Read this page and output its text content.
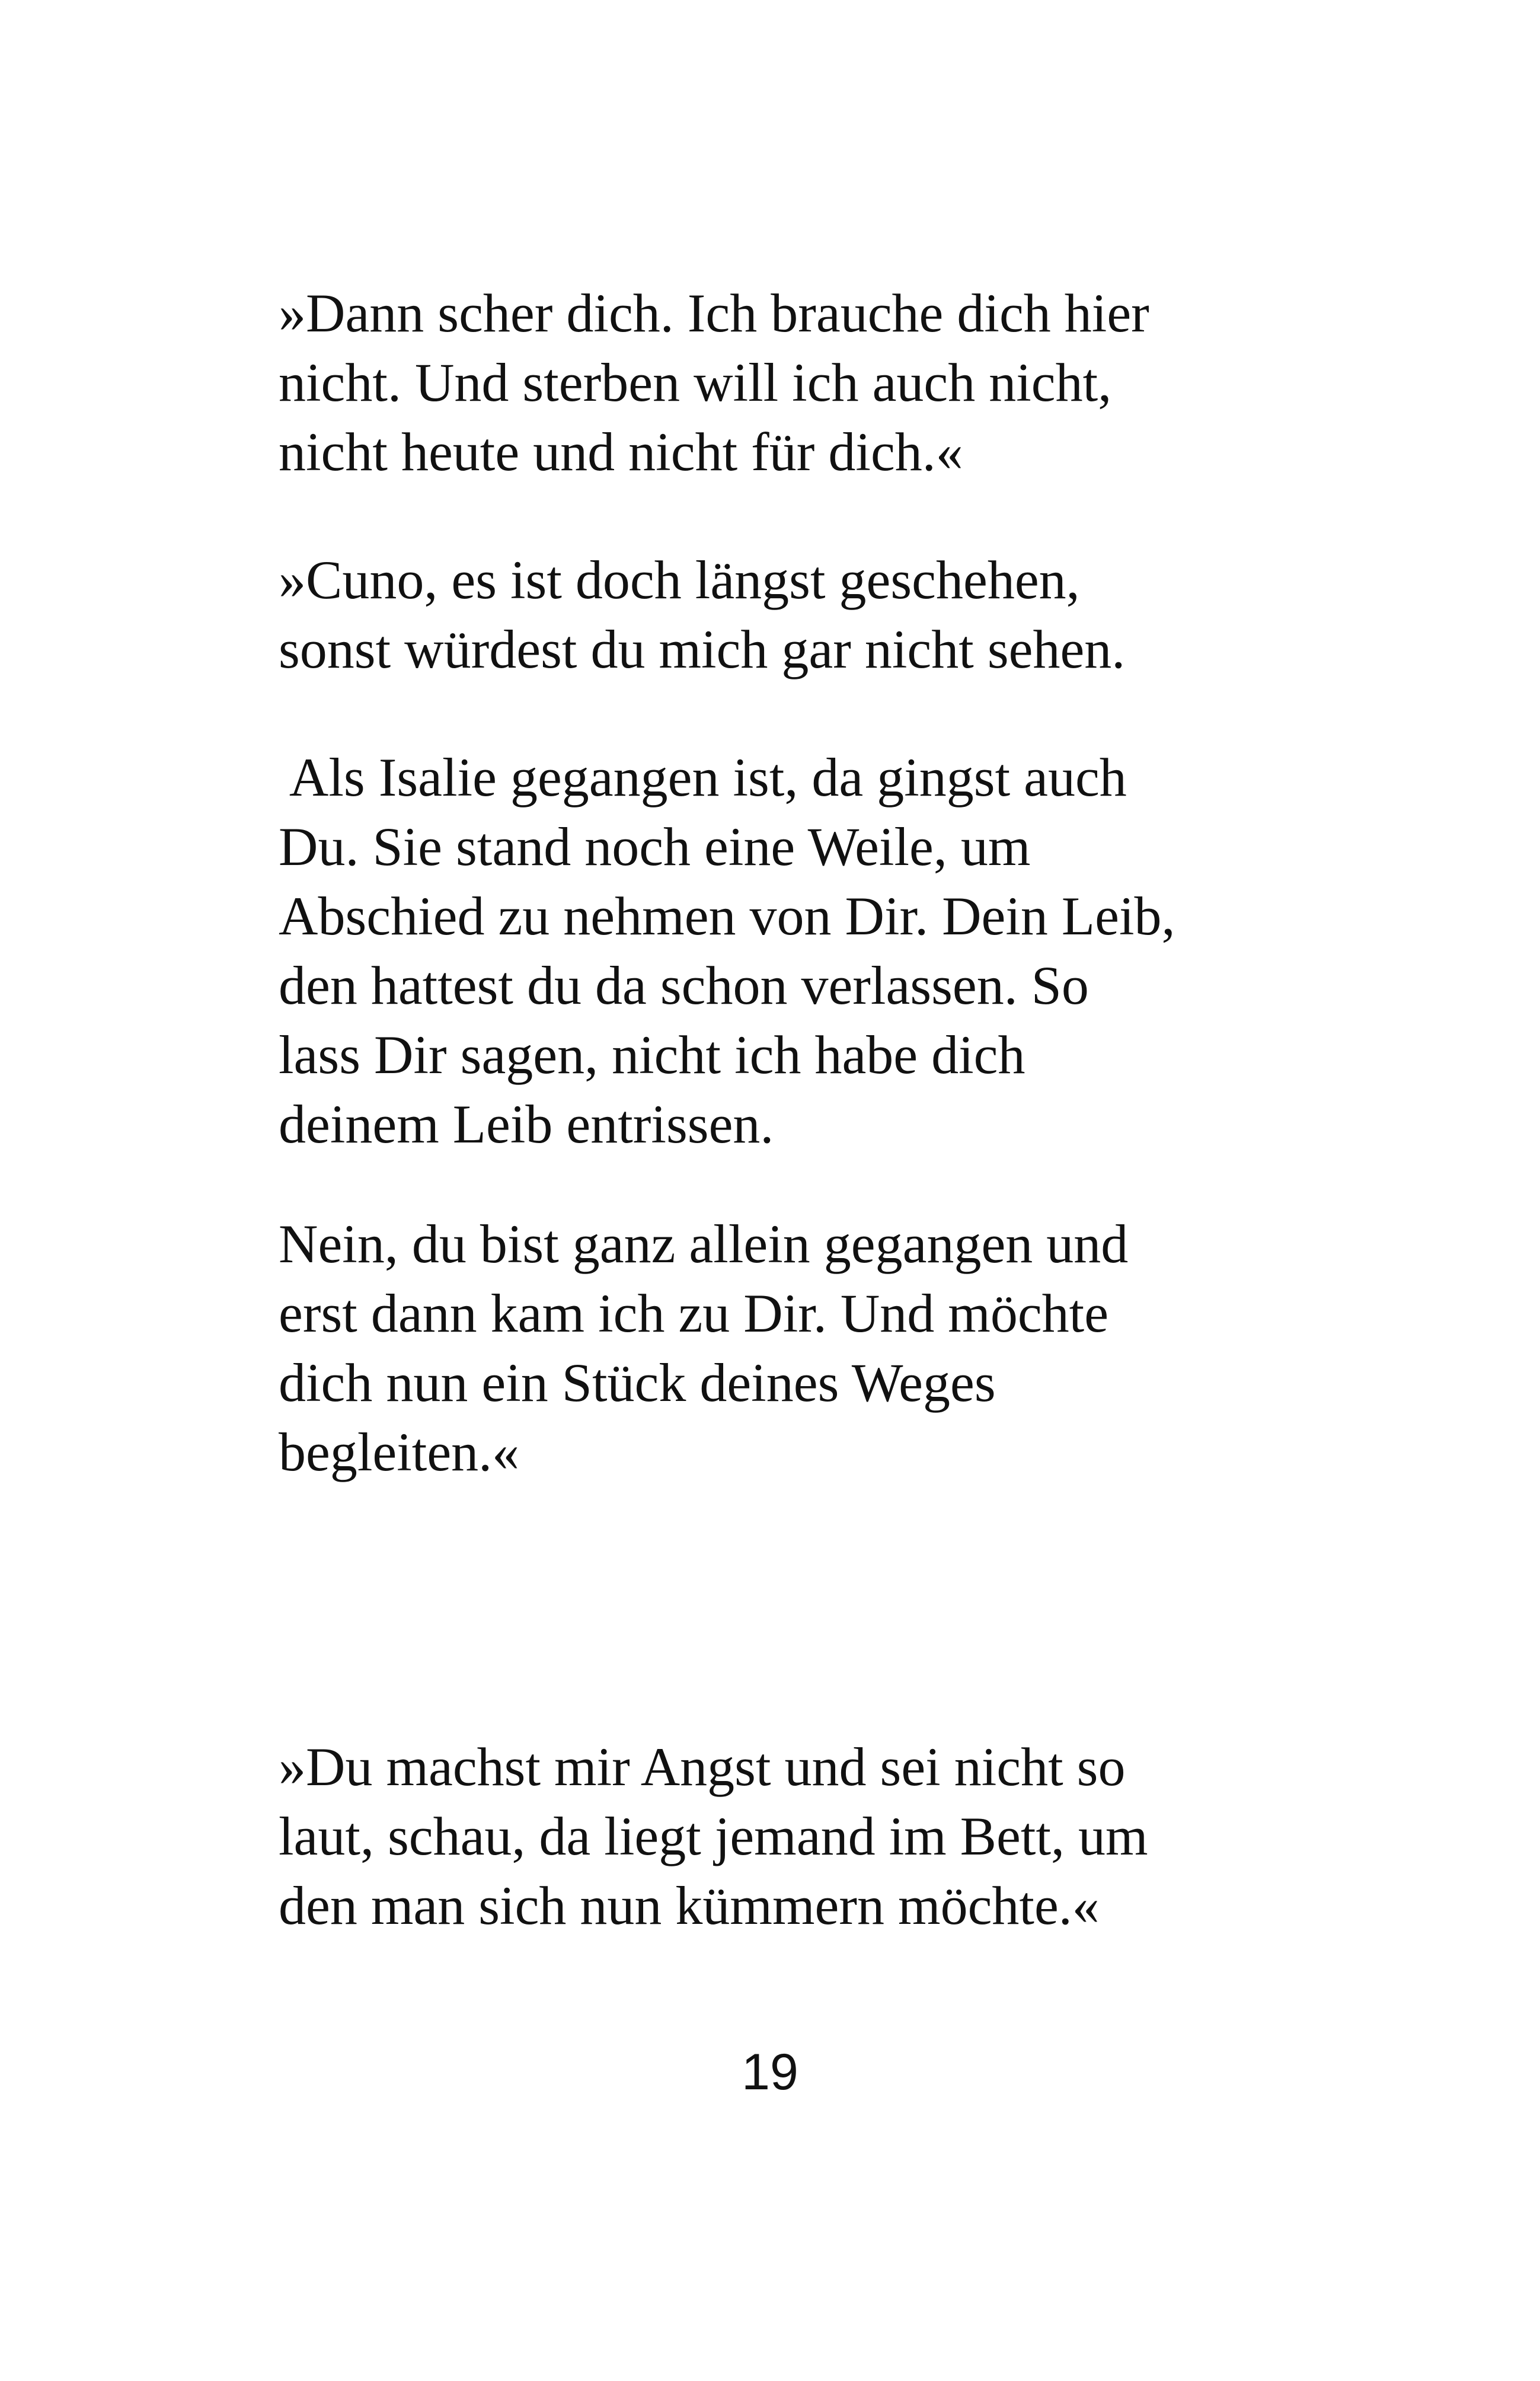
»Dann scher dich. Ich brauche dich hier
nicht. Und sterben will ich auch nicht,
nicht heute und nicht für dich.«

»Cuno, es ist doch längst geschehen,
sonst würdest du mich gar nicht sehen.

Als Isalie gegangen ist, da gingst auch
Du. Sie stand noch eine Weile, um
Abschied zu nehmen von Dir. Dein Leib,
den hattest du da schon verlassen. So
lass Dir sagen, nicht ich habe dich
deinem Leib entrissen.

Nein, du bist ganz allein gegangen und
erst dann kam ich zu Dir. Und möchte
dich nun ein Stück deines Weges
begleiten.«

»Du machst mir Angst und sei nicht so
laut, schau, da liegt jemand im Bett, um
den man sich nun kümmern möchte.«

19
